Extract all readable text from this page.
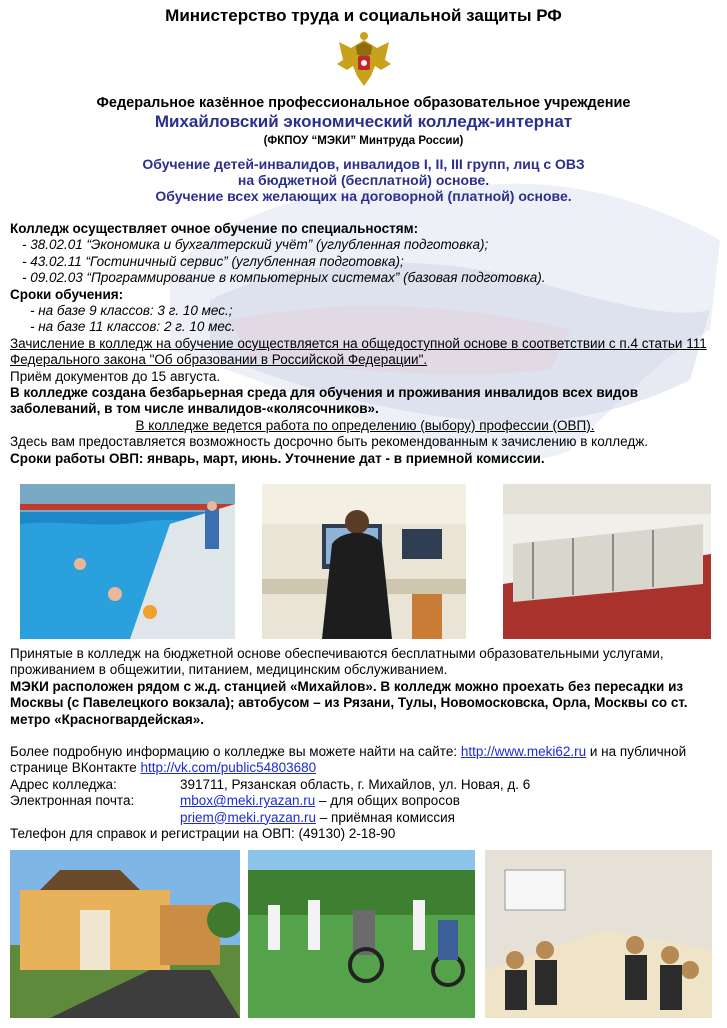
Министерство труда и социальной защиты РФ
Федеральное казённое профессиональное образовательное учреждение
Михайловский экономический колледж-интернат
(ФКПОУ “МЭКИ” Минтруда России)
Обучение детей-инвалидов, инвалидов I, II, III групп, лиц с ОВЗ
на бюджетной (бесплатной) основе.
Обучение всех желающих на договорной (платной) основе.
Колледж осуществляет очное обучение по специальностям:
- 38.02.01 “Экономика и бухгалтерский учёт” (углубленная подготовка);
- 43.02.11 “Гостиничный сервис” (углубленная подготовка);
- 09.02.03 “Программирование в компьютерных системах” (базовая подготовка).
Сроки обучения:
- на базе 9 классов: 3 г. 10 мес.;
- на базе 11 классов: 2 г. 10 мес.
Зачисление в колледж на обучение осуществляется на общедоступной основе в соответствии с п.4 статьи 111 Федерального закона "Об образовании в Российской Федерации".
Приём документов до 15 августа.
В колледже создана безбарьерная среда для обучения и проживания инвалидов всех видов заболеваний, в том числе инвалидов-«колясочников».
В колледже ведется работа по определению (выбору) профессии (ОВП).
Здесь вам предоставляется возможность досрочно быть рекомендованным к зачислению в колледж.
Сроки работы ОВП: январь, март, июнь. Уточнение дат - в приемной комиссии.
Принятые в колледж на бюджетной основе обеспечиваются бесплатными образовательными услугами, проживанием в общежитии, питанием, медицинским обслуживанием.
МЭКИ расположен рядом с ж.д. станцией «Михайлов». В колледж можно проехать без пересадки из Москвы (с Павелецкого вокзала); автобусом – из Рязани, Тулы, Новомосковска, Орла, Москвы со ст. метро «Красногвардейская».
Более подробную информацию о колледже вы можете найти на сайте: http://www.meki62.ru и на публичной странице ВКонтакте http://vk.com/public54803680
Адрес колледжа:	391711, Рязанская область, г. Михайлов, ул. Новая, д. 6
Электронная почта:	mbox@meki.ryazan.ru – для общих вопросов
priem@meki.ryazan.ru – приёмная комиссия
Телефон для справок и регистрации на ОВП: (49130) 2-18-90
